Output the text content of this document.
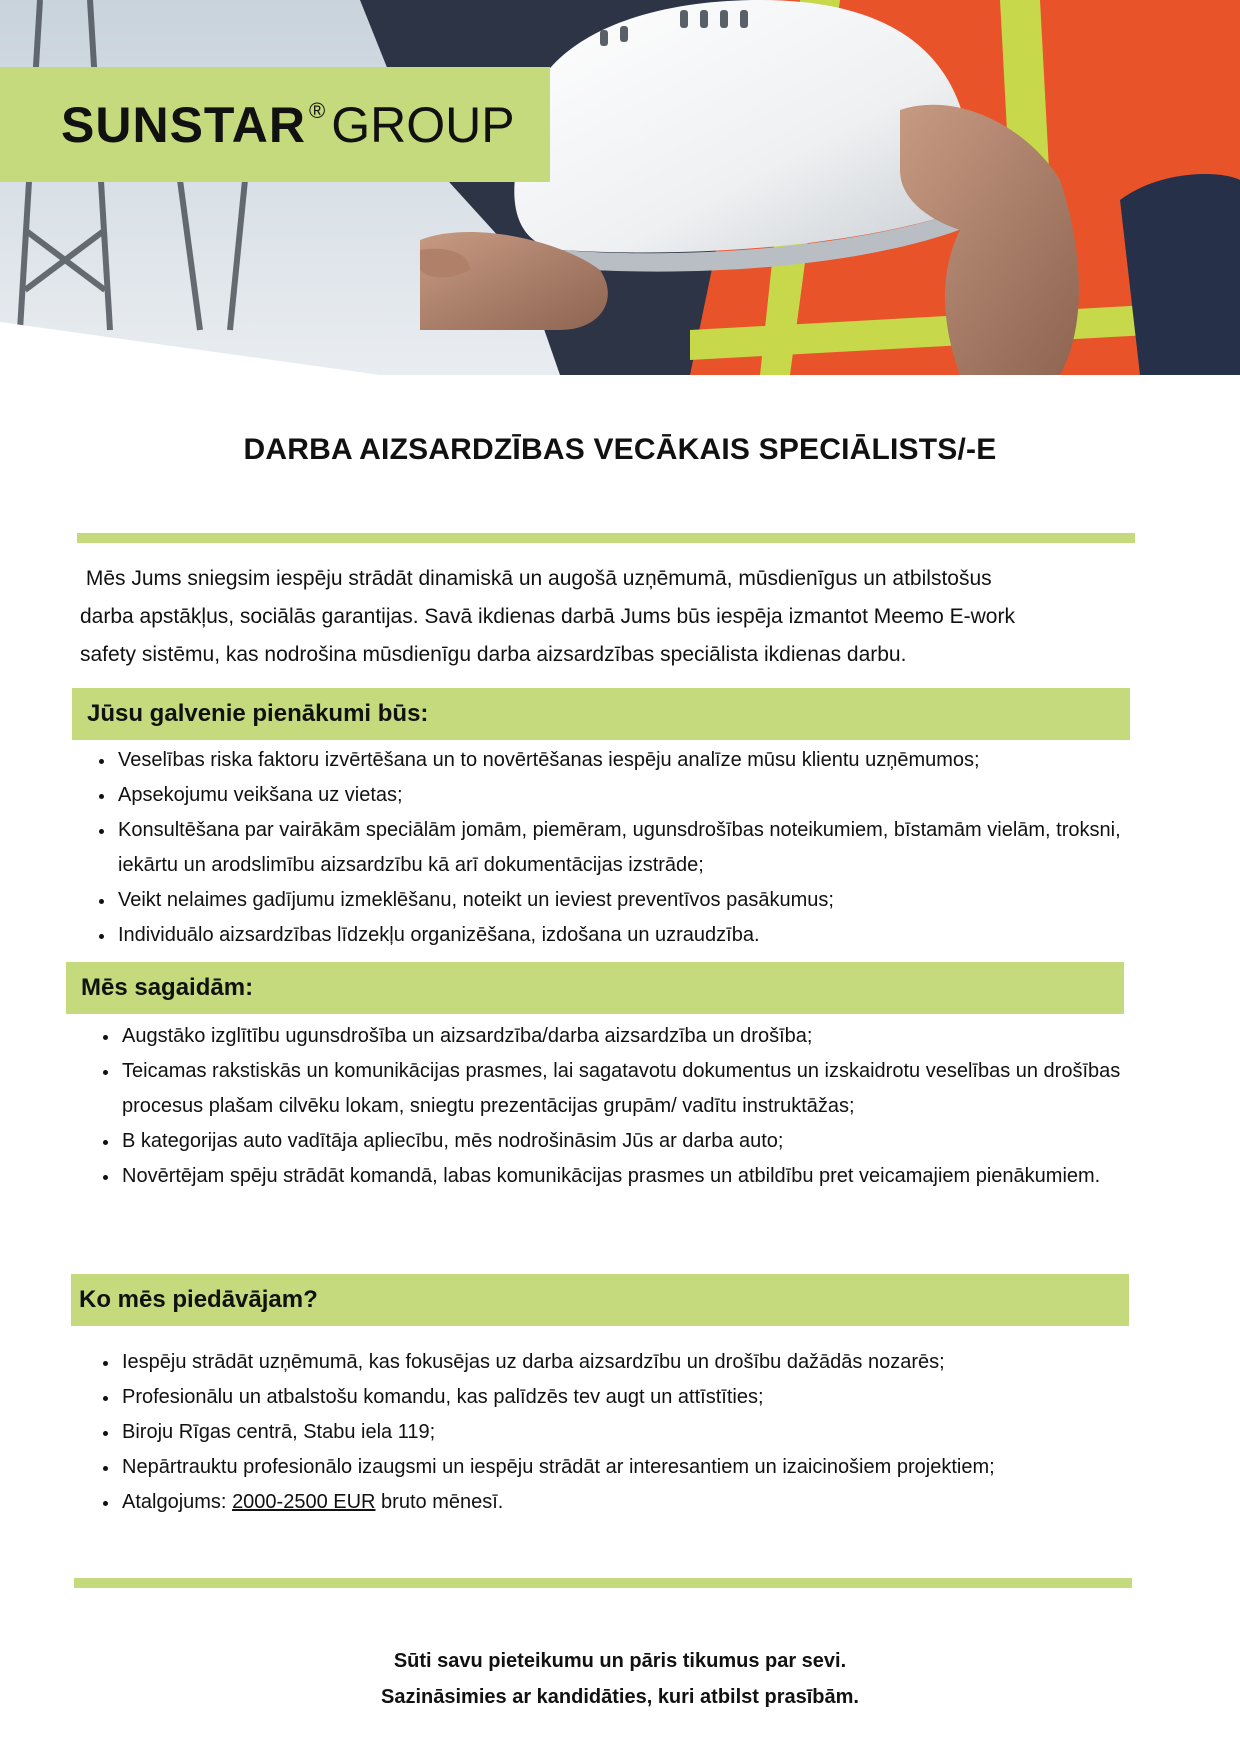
SUNSTAR ® GROUP
DARBA AIZSARDZĪBAS VECĀKAIS SPECIĀLISTS/-E

Mēs Jums sniegsim iespēju strādāt dinamiskā un augošā uzņēmumā, mūsdienīgus un atbilstošus
darba apstākļus, sociālās garantijas. Savā ikdienas darbā Jums būs iespēja izmantot Meemo E-work
safety sistēmu, kas nodrošina mūsdienīgu darba aizsardzības speciālista ikdienas darbu.

Jūsu galvenie pienākumi būs:
• Veselības riska faktoru izvērtēšana un to novērtēšanas iespēju analīze mūsu klientu uzņēmumos;
• Apsekojumu veikšana uz vietas;
• Konsultēšana par vairākām speciālām jomām, piemēram, ugunsdrošības noteikumiem, bīstamām vielām, troksni, iekārtu un arodslimību aizsardzību kā arī dokumentācijas izstrāde;
• Veikt nelaimes gadījumu izmeklēšanu, noteikt un ieviest preventīvos pasākumus;
• Individuālo aizsardzības līdzekļu organizēšana, izdošana un uzraudzība.
Mēs sagaidām:
• Augstāko izglītību ugunsdrošība un aizsardzība/darba aizsardzība un drošība;
• Teicamas rakstiskās un komunikācijas prasmes, lai sagatavotu dokumentus un izskaidrotu veselības un drošības procesus plašam cilvēku lokam, sniegtu prezentācijas grupām/ vadītu instruktāžas;
• B kategorijas auto vadītāja apliecību, mēs nodrošināsim Jūs ar darba auto;
• Novērtējam spēju strādāt komandā, labas komunikācijas prasmes un atbildību pret veicamajiem pienākumiem.
Ko mēs piedāvājam?
• Iespēju strādāt uzņēmumā, kas fokusējas uz darba aizsardzību un drošību dažādās nozarēs;
• Profesionālu un atbalstošu komandu, kas palīdzēs tev augt un attīstīties;
• Biroju Rīgas centrā, Stabu iela 119;
• Nepārtrauktu profesionālo izaugsmi un iespēju strādāt ar interesantiem un izaicinošiem projektiem;
• Atalgojums: 2000-2500 EUR bruto mēnesī.
Sūti savu pieteikumu un pāris tikumus par sevi.
Sazināsimies ar kandidāties, kuri atbilst prasībām.
